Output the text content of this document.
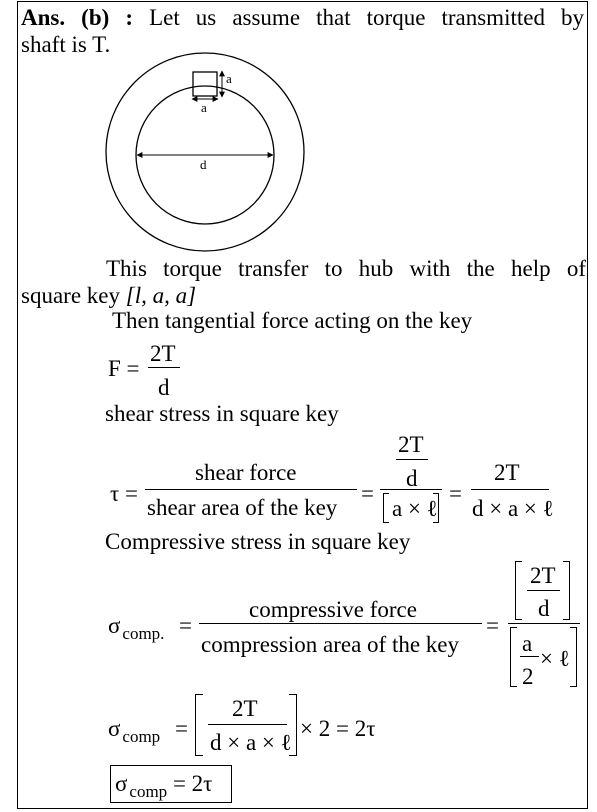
Ans. (b) : Let us assume that torque transmitted by
shaft is T.
a
a
d
This torque transfer to hub with the help of
square key [l, a, a]
Then tangential force acting on the key
F =
2T
d
shear stress in square key
τ =
shear force
shear area of the key
=
2T
d
a × ℓ
=
2T
d × a × ℓ
Compressive stress in square key
σ $_{comp.}$ =
compressive force
compression area of the key
=
2T
d
a
2
× ℓ
σ $_{comp}$ =
2T
d × a × ℓ
× 2 = 2τ
σ $_{comp}$ = 2τ
